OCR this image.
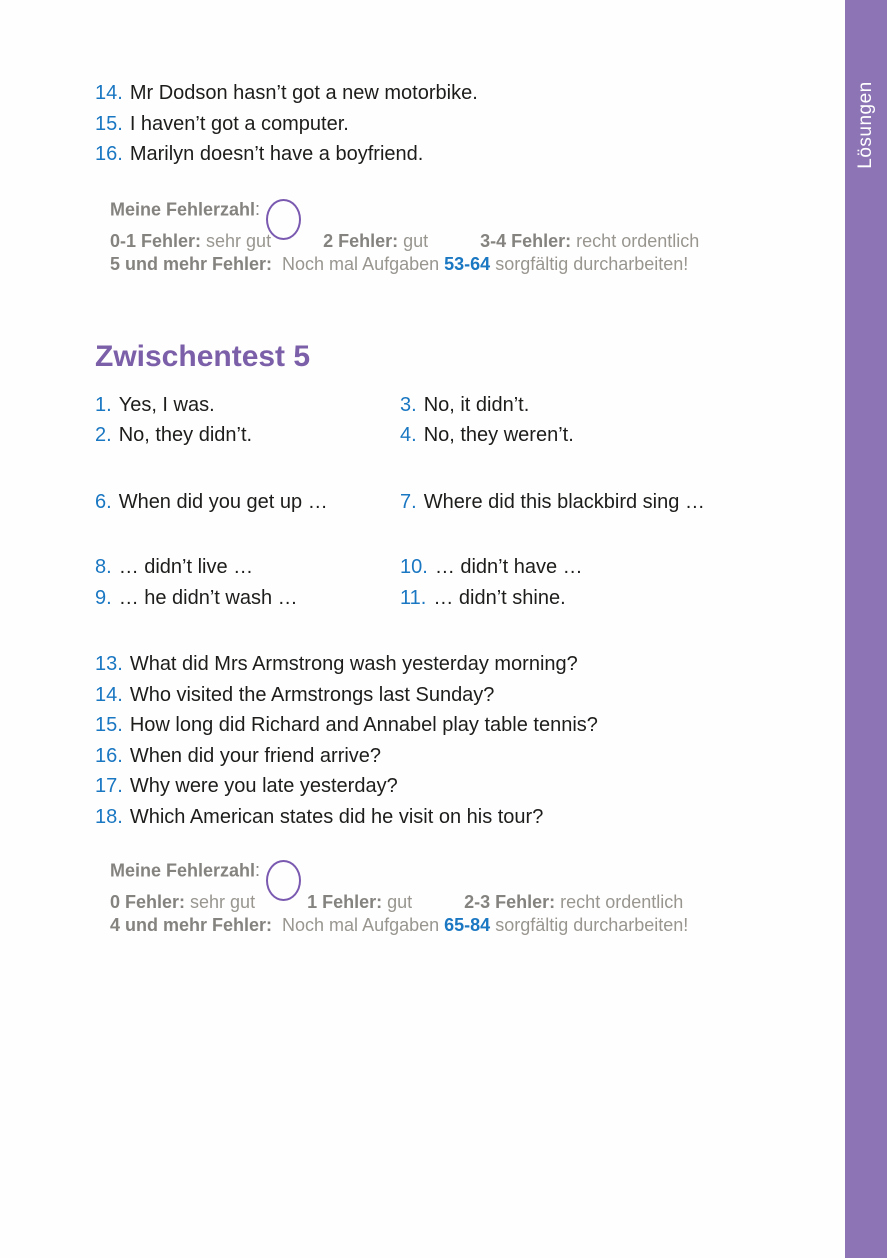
Lösungen
14. Mr Dodson hasn’t got a new motorbike.
15. I haven’t got a computer.
16. Marilyn doesn’t have a boyfriend.
Meine Fehlerzahl:
0-1 Fehler: sehr gut	2 Fehler: gut	3-4 Fehler: recht ordentlich
5 und mehr Fehler: Noch mal Aufgaben 53-64 sorgfältig durcharbeiten!
Zwischentest 5
1. Yes, I was.	3. No, it didn’t.
2. No, they didn’t.	4. No, they weren’t.
6. When did you get up …	7. Where did this blackbird sing …
8. … didn’t live …	10. … didn’t have …
9. … he didn’t wash …	11. … didn’t shine.
13. What did Mrs Armstrong wash yesterday morning?
14. Who visited the Armstrongs last Sunday?
15. How long did Richard and Annabel play table tennis?
16. When did your friend arrive?
17. Why were you late yesterday?
18. Which American states did he visit on his tour?
Meine Fehlerzahl:
0 Fehler: sehr gut	1 Fehler: gut	2-3 Fehler: recht ordentlich
4 und mehr Fehler: Noch mal Aufgaben 65-84 sorgfältig durcharbeiten!
